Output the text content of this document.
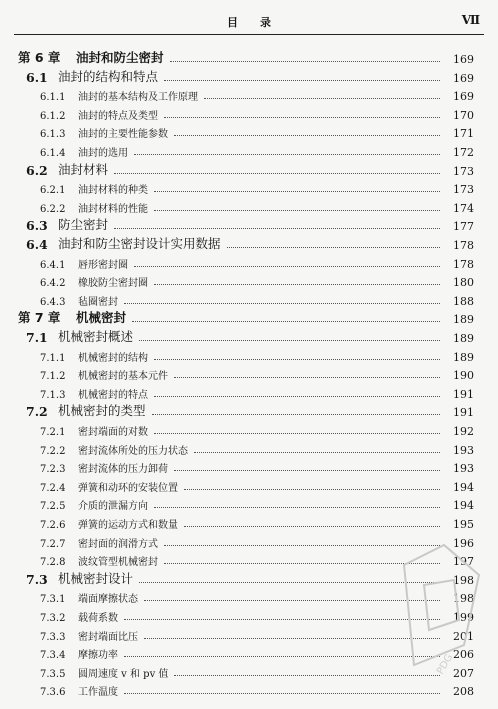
目　　录	Ⅶ
第 6 章	油封和防尘密封	169
6.1 油封的结构和特点	169
6.1.1	油封的基本结构及工作原理	169
6.1.2	油封的特点及类型	170
6.1.3	油封的主要性能参数	171
6.1.4	油封的选用	172
6.2 油封材料	173
6.2.1	油封材料的种类	173
6.2.2	油封材料的性能	174
6.3 防尘密封	177
6.4 油封和防尘密封设计实用数据	178
6.4.1	唇形密封圈	178
6.4.2	橡胶防尘密封圈	180
6.4.3	毡圈密封	188
第 7 章	机械密封	189
7.1 机械密封概述	189
7.1.1	机械密封的结构	189
7.1.2	机械密封的基本元件	190
7.1.3	机械密封的特点	191
7.2 机械密封的类型	191
7.2.1	密封端面的对数	192
7.2.2	密封流体所处的压力状态	193
7.2.3	密封流体的压力卸荷	193
7.2.4	弹簧和动环的安装位置	194
7.2.5	介质的泄漏方向	194
7.2.6	弹簧的运动方式和数量	195
7.2.7	密封面的润滑方式	196
7.2.8	波纹管型机械密封	197
7.3 机械密封设计	198
7.3.1	端面摩擦状态	198
7.3.2	载荷系数	199
7.3.3	密封端面比压	201
7.3.4	摩擦功率	206
7.3.5	圆周速度 v 和 pv 值	207
7.3.6	工作温度	208
PDG
